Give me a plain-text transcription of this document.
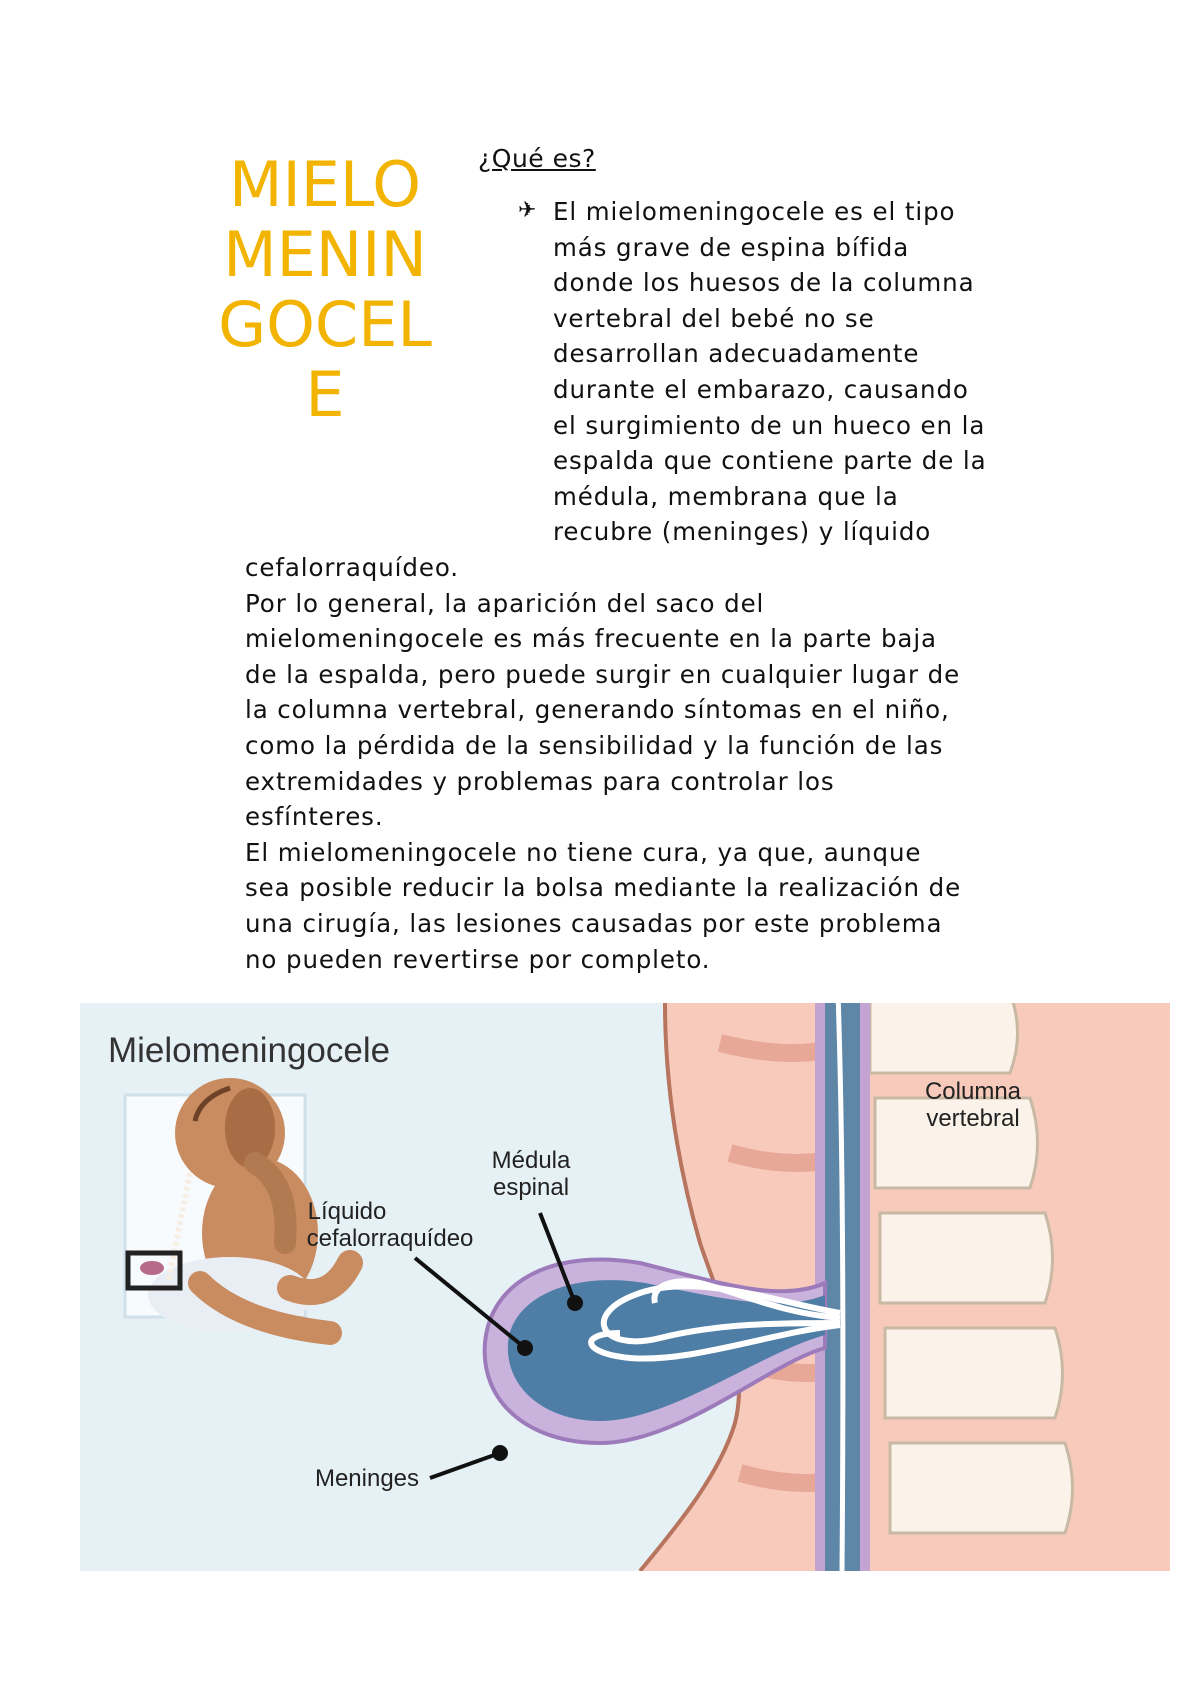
MIELO
MENIN
GOCEL
E
¿Qué es?
✈ El mielomeningocele es el tipo
más grave de espina bífida
donde los huesos de la columna
vertebral del bebé no se
desarrollan adecuadamente
durante el embarazo, causando
el surgimiento de un hueco en la
espalda que contiene parte de la
médula, membrana que la
recubre (meninges) y líquido
cefalorraquídeo.
Por lo general, la aparición del saco del
mielomeningocele es más frecuente en la parte baja
de la espalda, pero puede surgir en cualquier lugar de
la columna vertebral, generando síntomas en el niño,
como la pérdida de la sensibilidad y la función de las
extremidades y problemas para controlar los
esfínteres.
El mielomeningocele no tiene cura, ya que, aunque
sea posible reducir la bolsa mediante la realización de
una cirugía, las lesiones causadas por este problema
no pueden revertirse por completo.
Mielomeningocele
Columna
vertebral
Médula
espinal
Líquido
cefalorraquídeo
Meninges
